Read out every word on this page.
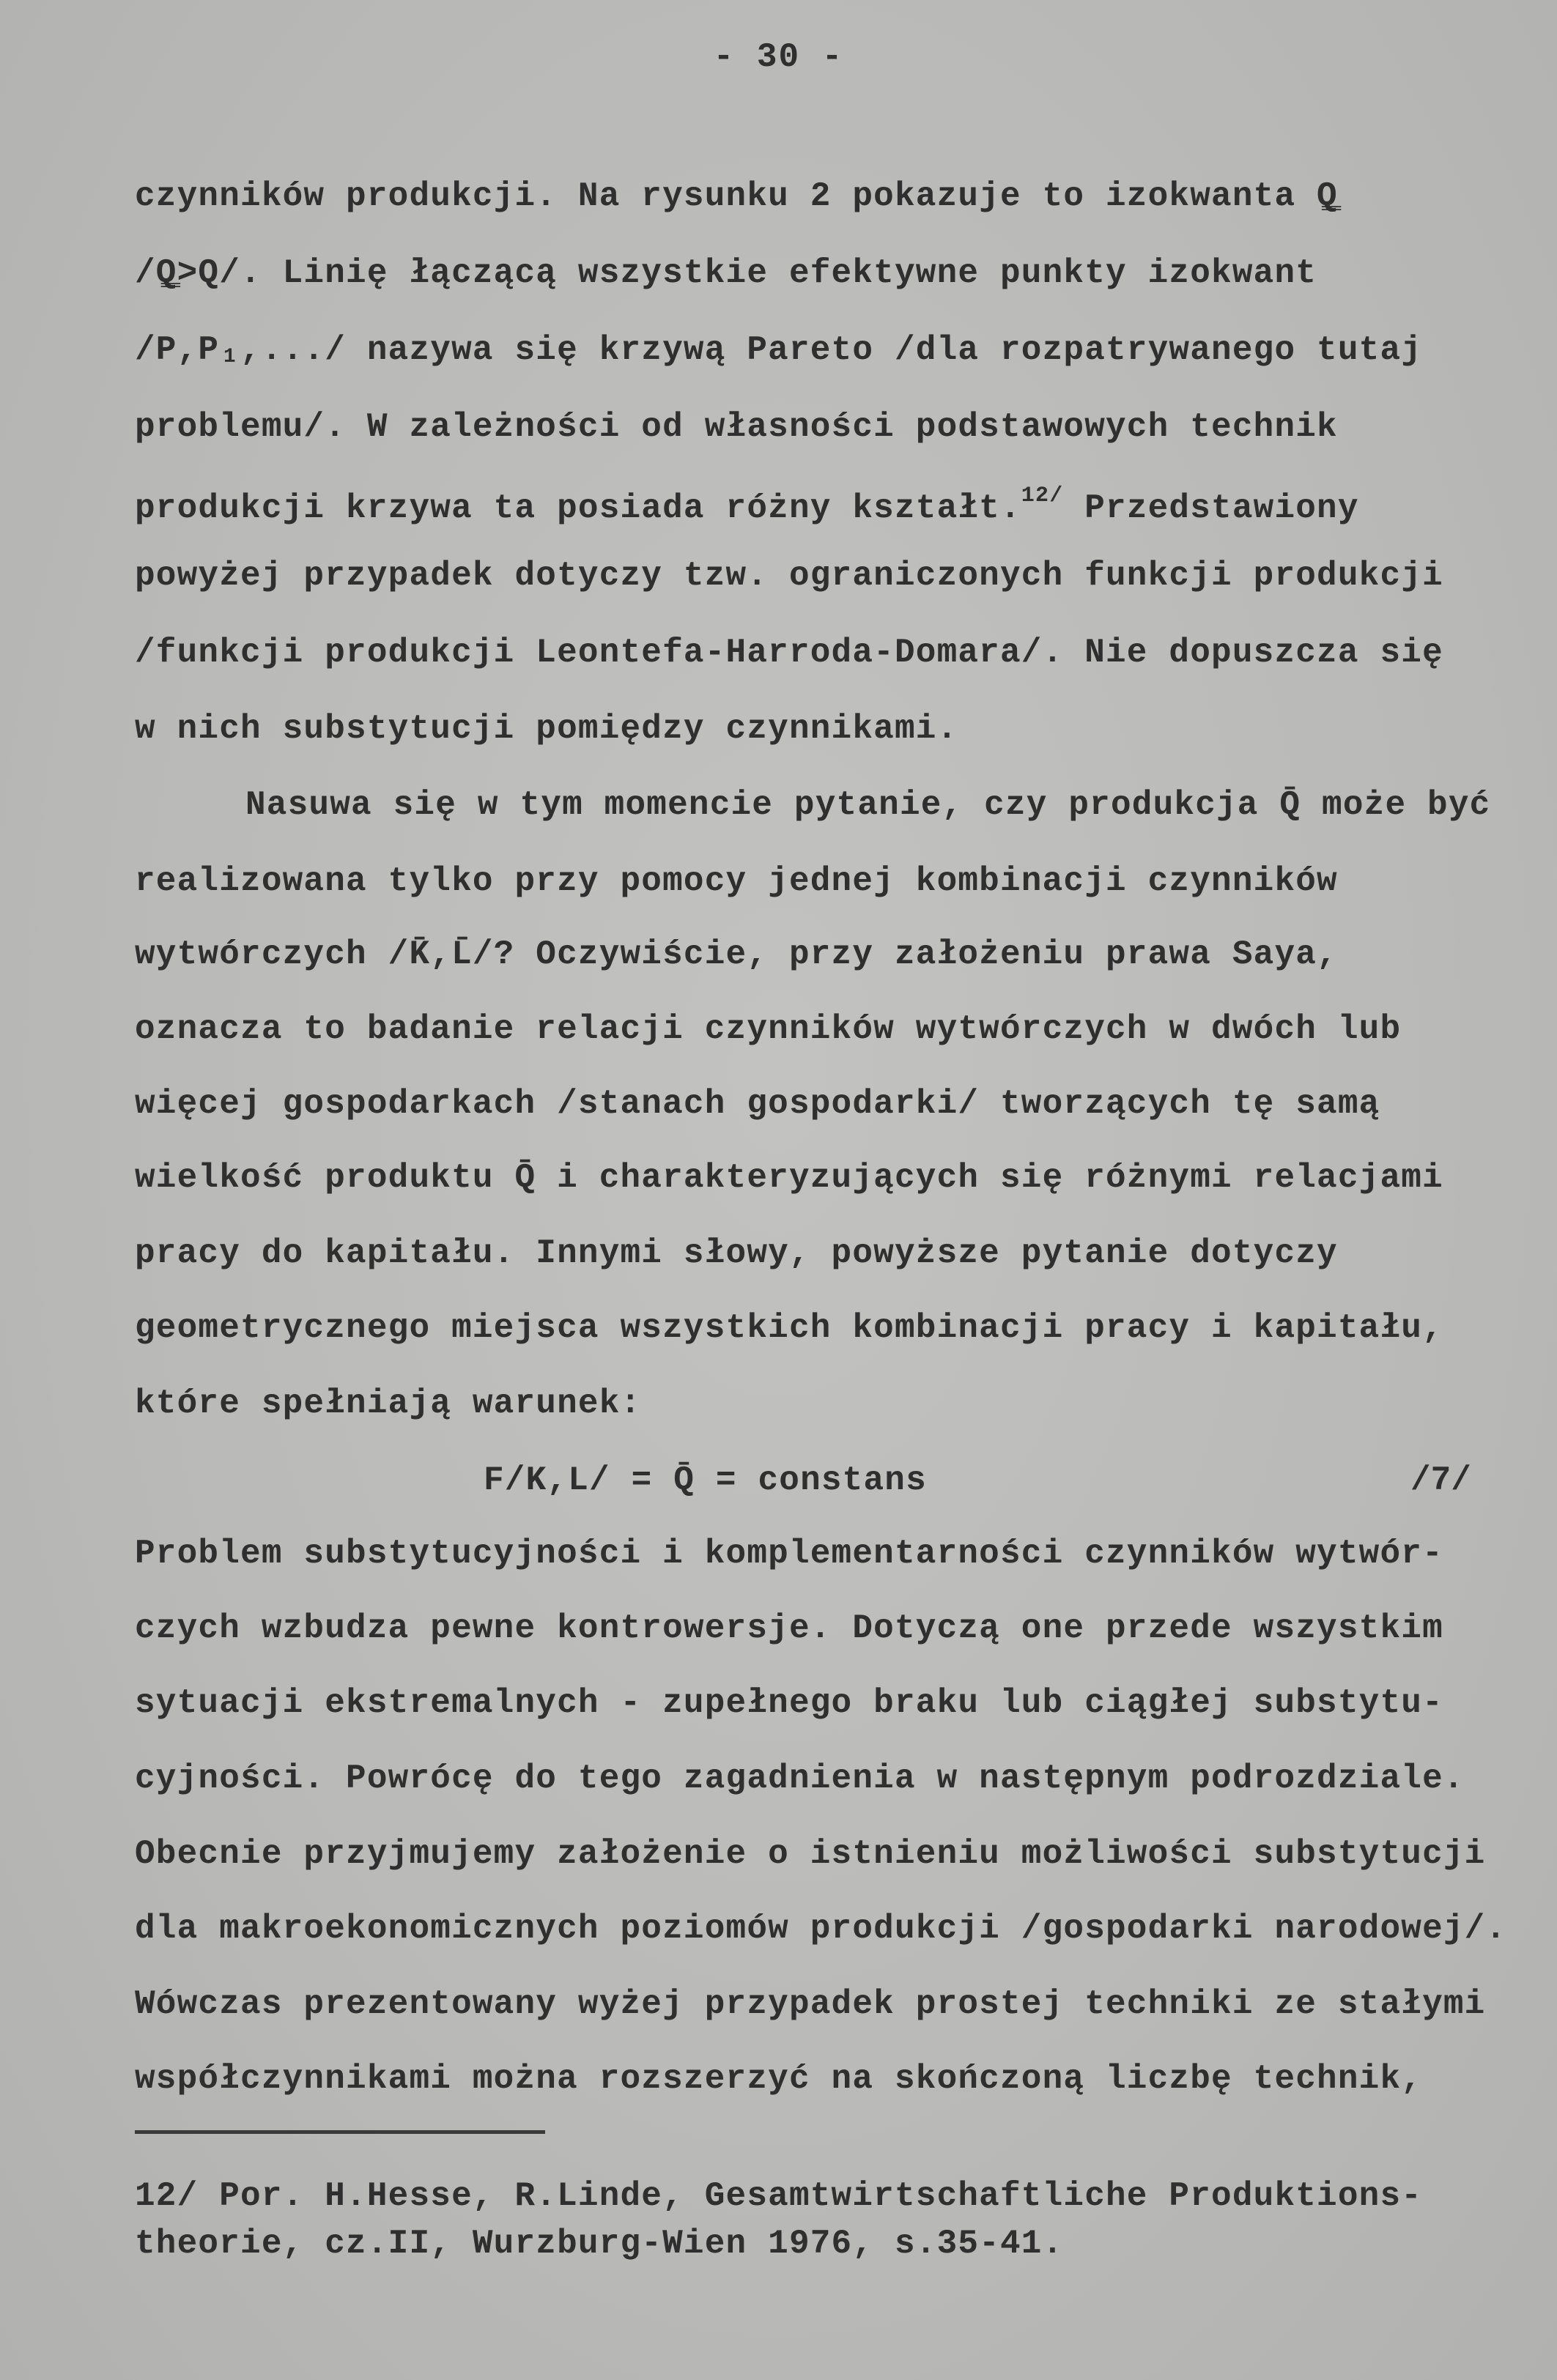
- 30 -
czynników produkcji. Na rysunku 2 pokazuje to izokwanta Q̿
/Q̿>Q/. Linię łączącą wszystkie efektywne punkty izokwant
/P,P₁,.../ nazywa się krzywą Pareto /dla rozpatrywanego tutaj
problemu/. W zależności od własności podstawowych technik
produkcji krzywa ta posiada różny kształt.$^{12/}$ Przedstawiony
powyżej przypadek dotyczy tzw. ograniczonych funkcji produkcji
/funkcji produkcji Leontefa-Harroda-Domara/. Nie dopuszcza się
w nich substytucji pomiędzy czynnikami.
Nasuwa się w tym momencie pytanie, czy produkcja Q̄ może być
realizowana tylko przy pomocy jednej kombinacji czynników
wytwórczych /K̄,L̄/? Oczywiście, przy założeniu prawa Saya,
oznacza to badanie relacji czynników wytwórczych w dwóch lub
więcej gospodarkach /stanach gospodarki/ tworzących tę samą
wielkość produktu Q̄ i charakteryzujących się różnymi relacjami
pracy do kapitału. Innymi słowy, powyższe pytanie dotyczy
geometrycznego miejsca wszystkich kombinacji pracy i kapitału,
które spełniają warunek:
F/K,L/ = Q̄ = constans	/7/
Problem substytucyjności i komplementarności czynników wytwór-
czych wzbudza pewne kontrowersje. Dotyczą one przede wszystkim
sytuacji ekstremalnych - zupełnego braku lub ciągłej substytu-
cyjności. Powrócę do tego zagadnienia w następnym podrozdziale.
Obecnie przyjmujemy założenie o istnieniu możliwości substytucji
dla makroekonomicznych poziomów produkcji /gospodarki narodowej/.
Wówczas prezentowany wyżej przypadek prostej techniki ze stałymi
współczynnikami można rozszerzyć na skończoną liczbę technik,
12/ Por. H.Hesse, R.Linde, Gesamtwirtschaftliche Produktions-
theorie, cz.II, Wurzburg-Wien 1976, s.35-41.
